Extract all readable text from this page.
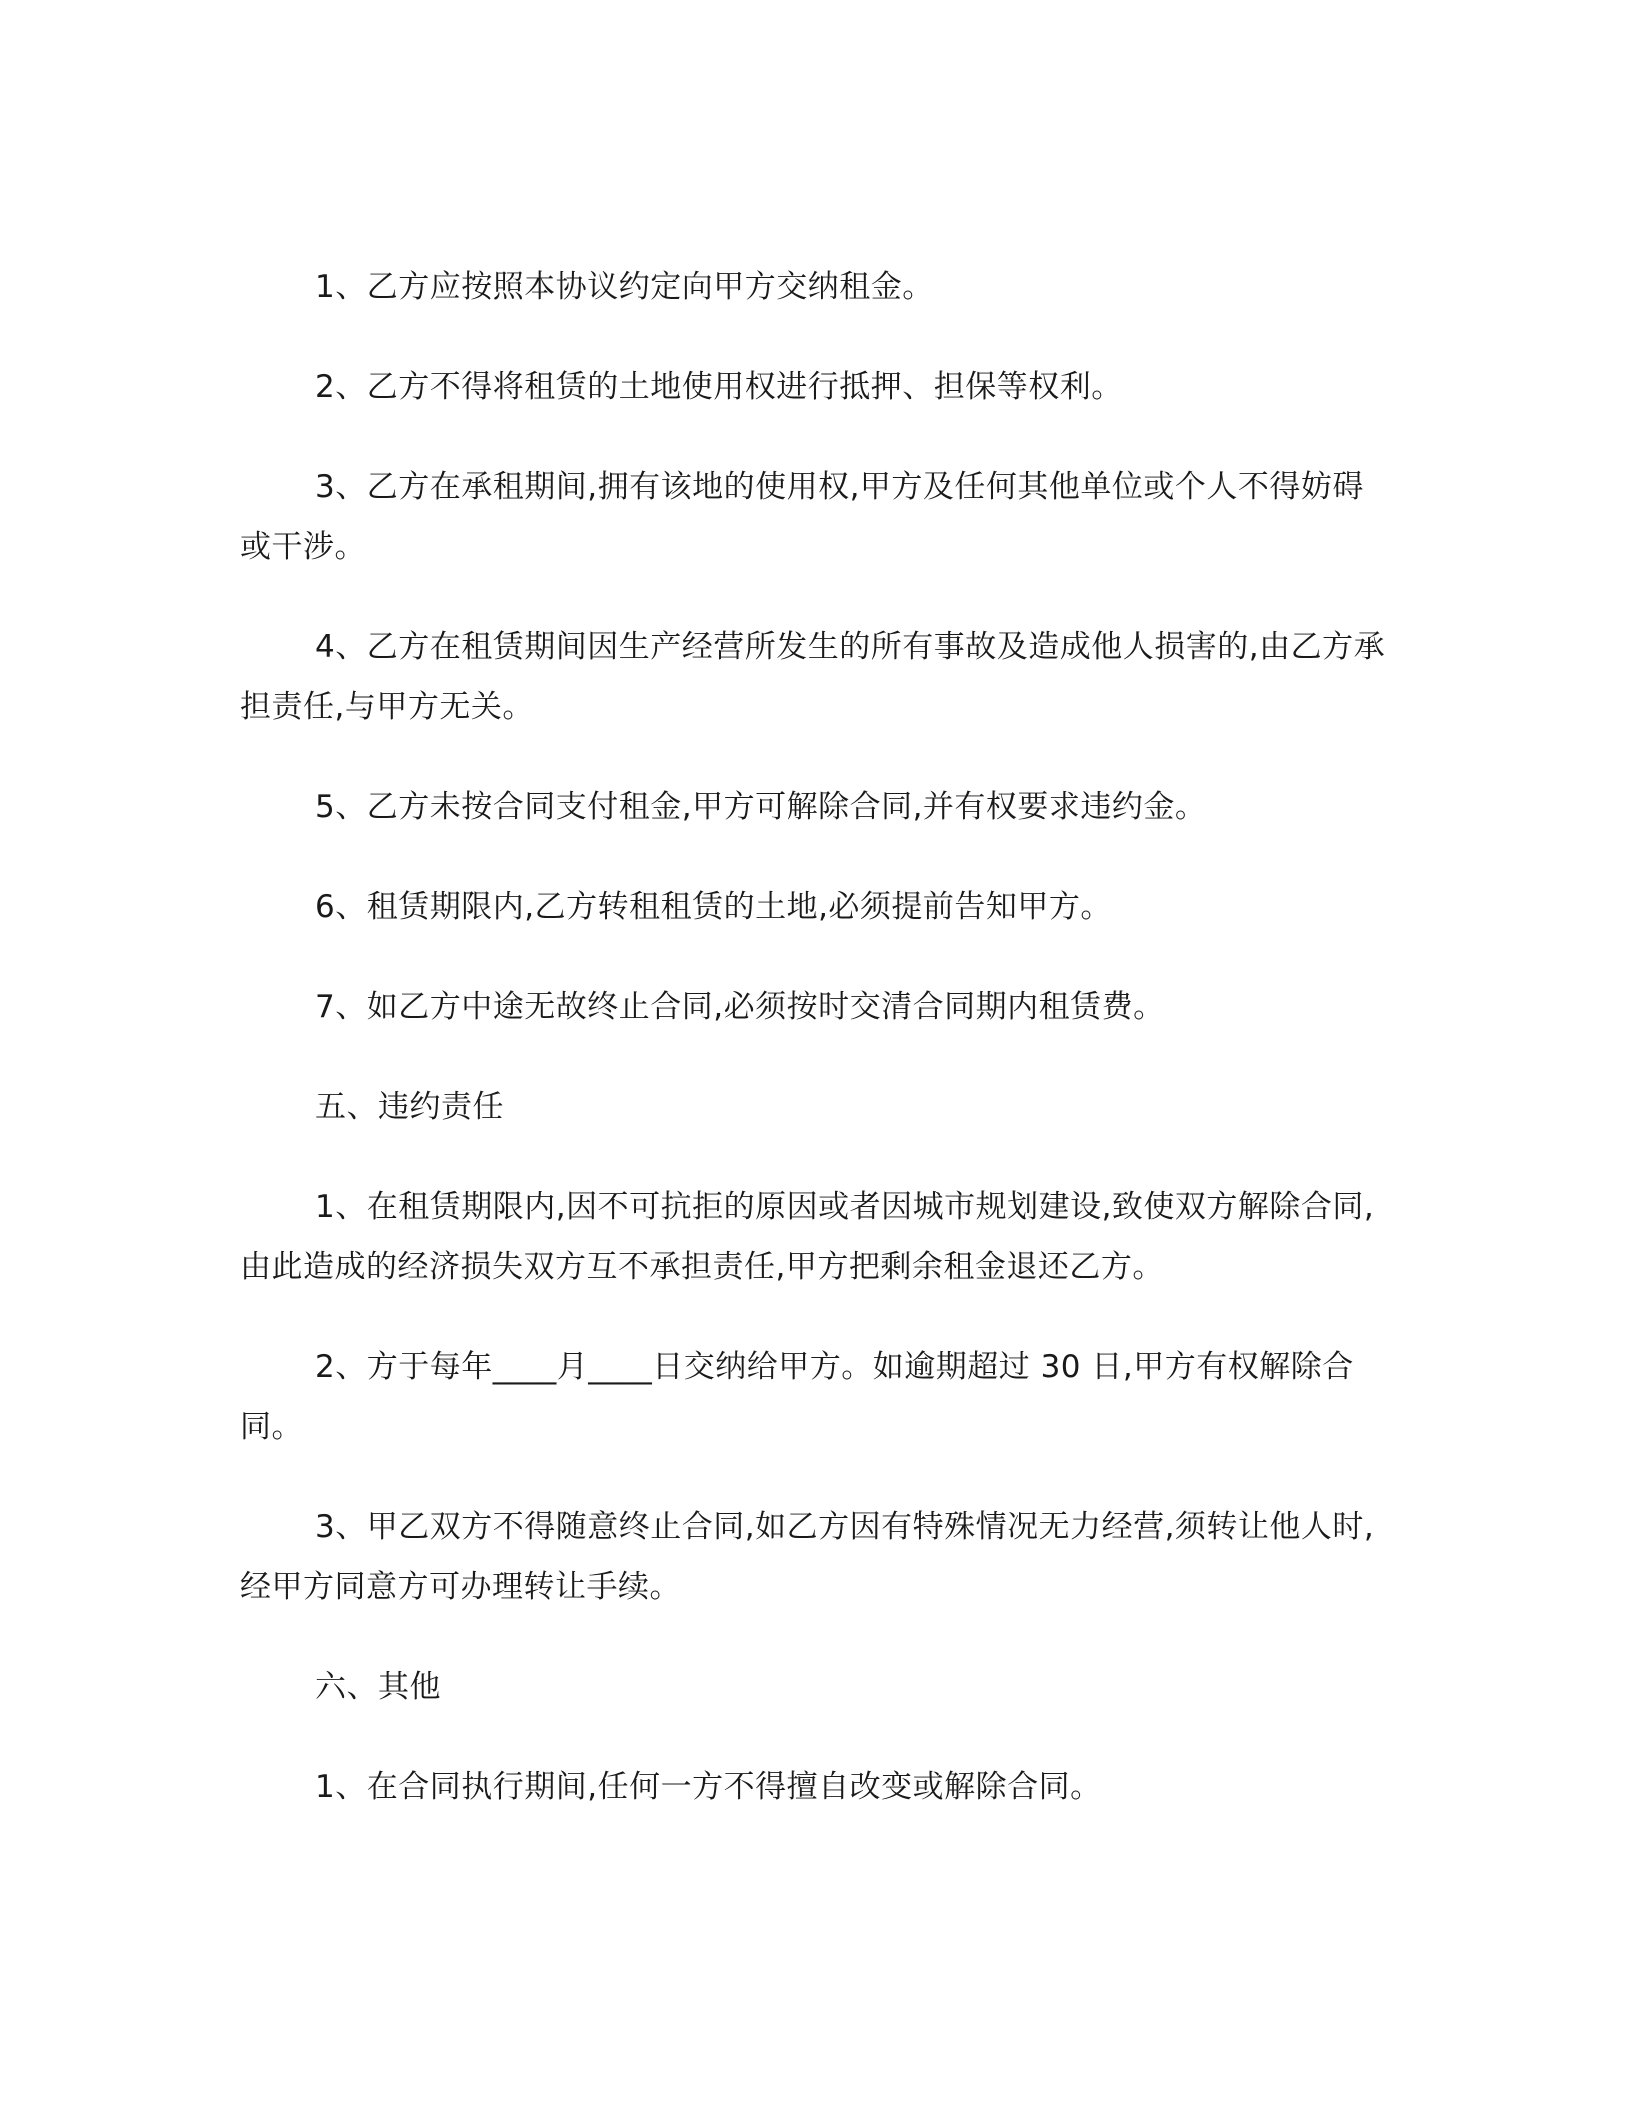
1、乙方应按照本协议约定向甲方交纳租金。

2、乙方不得将租赁的土地使用权进行抵押、担保等权利。

3、乙方在承租期间,拥有该地的使用权,甲方及任何其他单位或个人不得妨碍或干涉。

4、乙方在租赁期间因生产经营所发生的所有事故及造成他人损害的,由乙方承担责任,与甲方无关。

5、乙方未按合同支付租金,甲方可解除合同,并有权要求违约金。

6、租赁期限内,乙方转租租赁的土地,必须提前告知甲方。

7、如乙方中途无故终止合同,必须按时交清合同期内租赁费。

五、违约责任

1、在租赁期限内,因不可抗拒的原因或者因城市规划建设,致使双方解除合同,由此造成的经济损失双方互不承担责任,甲方把剩余租金退还乙方。

2、方于每年____月____日交纳给甲方。如逾期超过 30 日,甲方有权解除合同。

3、甲乙双方不得随意终止合同,如乙方因有特殊情况无力经营,须转让他人时,经甲方同意方可办理转让手续。

六、其他

1、在合同执行期间,任何一方不得擅自改变或解除合同。
